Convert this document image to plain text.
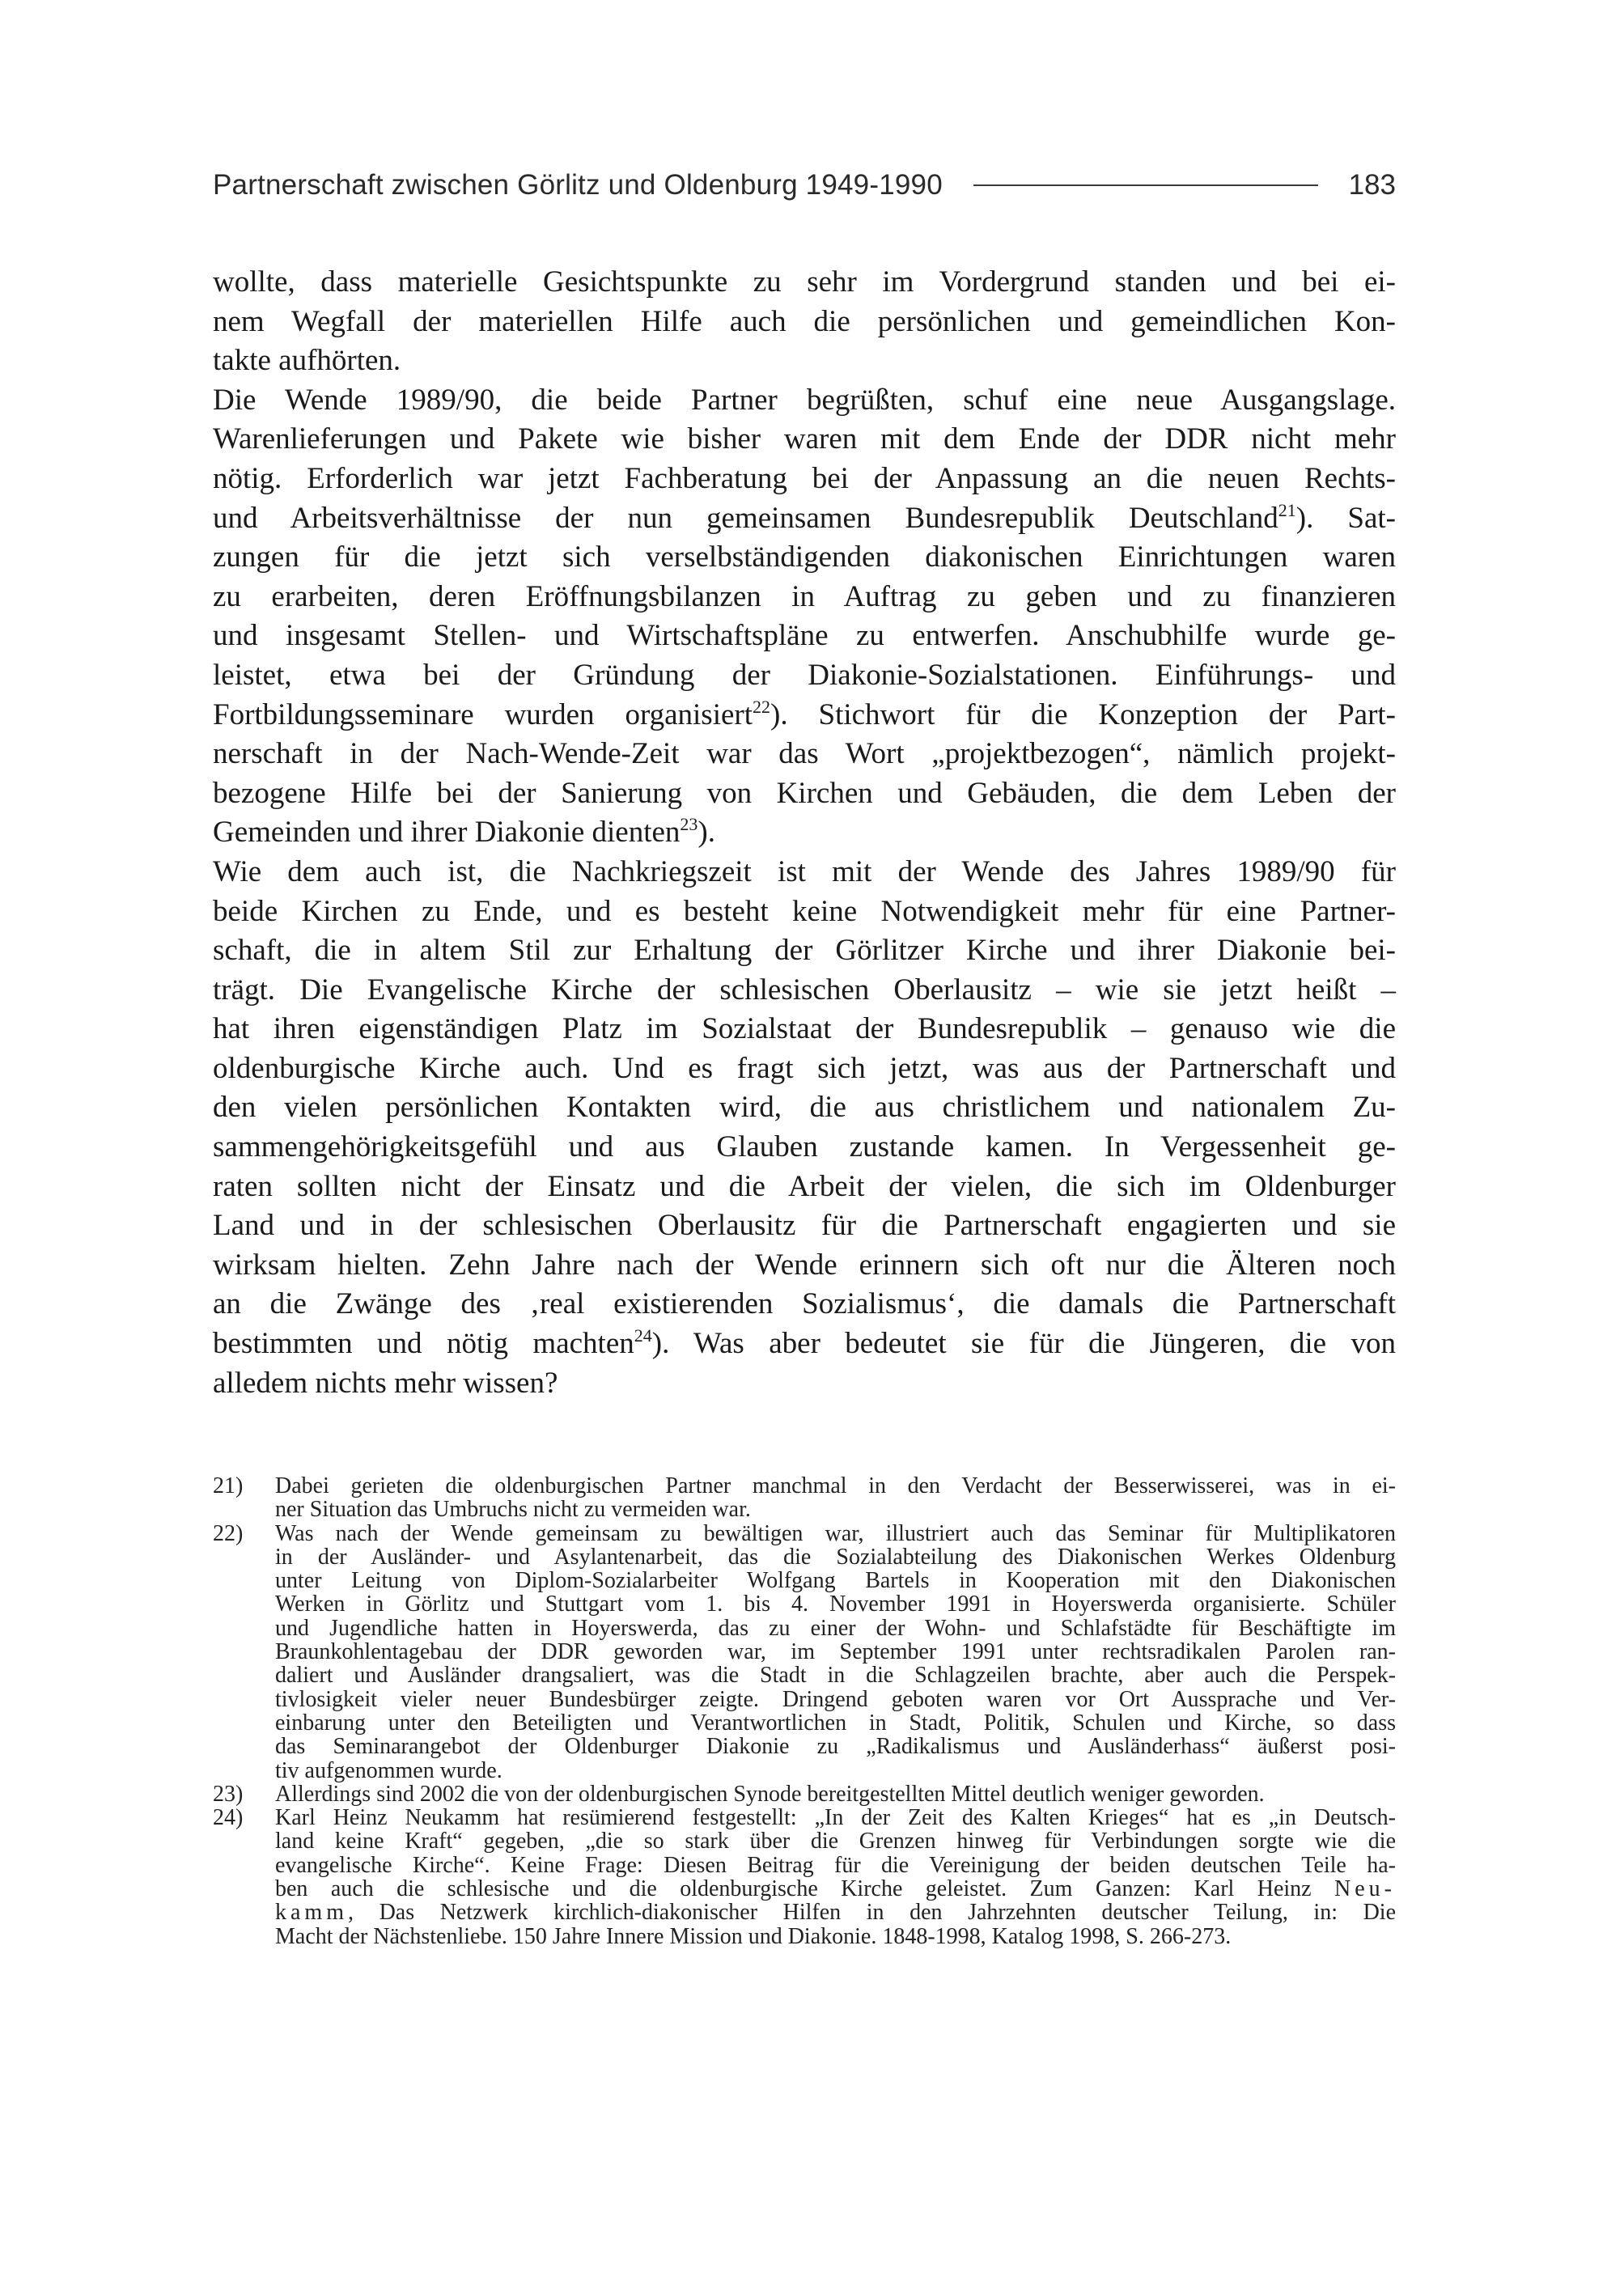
Partnerschaft zwischen Görlitz und Oldenburg 1949-1990	183
wollte, dass materielle Gesichtspunkte zu sehr im Vordergrund standen und bei ei-
nem Wegfall der materiellen Hilfe auch die persönlichen und gemeindlichen Kon-
takte aufhörten.
Die Wende 1989/90, die beide Partner begrüßten, schuf eine neue Ausgangslage.
Warenlieferungen und Pakete wie bisher waren mit dem Ende der DDR nicht mehr
nötig. Erforderlich war jetzt Fachberatung bei der Anpassung an die neuen Rechts-
und Arbeitsverhältnisse der nun gemeinsamen Bundesrepublik Deutschland$^{21}$). Sat-
zungen für die jetzt sich verselbständigenden diakonischen Einrichtungen waren
zu erarbeiten, deren Eröffnungsbilanzen in Auftrag zu geben und zu finanzieren
und insgesamt Stellen- und Wirtschaftspläne zu entwerfen. Anschubhilfe wurde ge-
leistet, etwa bei der Gründung der Diakonie-Sozialstationen. Einführungs- und
Fortbildungsseminare wurden organisiert$^{22}$). Stichwort für die Konzeption der Part-
nerschaft in der Nach-Wende-Zeit war das Wort „projektbezogen“, nämlich projekt-
bezogene Hilfe bei der Sanierung von Kirchen und Gebäuden, die dem Leben der
Gemeinden und ihrer Diakonie dienten$^{23}$).
Wie dem auch ist, die Nachkriegszeit ist mit der Wende des Jahres 1989/90 für
beide Kirchen zu Ende, und es besteht keine Notwendigkeit mehr für eine Partner-
schaft, die in altem Stil zur Erhaltung der Görlitzer Kirche und ihrer Diakonie bei-
trägt. Die Evangelische Kirche der schlesischen Oberlausitz – wie sie jetzt heißt –
hat ihren eigenständigen Platz im Sozialstaat der Bundesrepublik – genauso wie die
oldenburgische Kirche auch. Und es fragt sich jetzt, was aus der Partnerschaft und
den vielen persönlichen Kontakten wird, die aus christlichem und nationalem Zu-
sammengehörigkeitsgefühl und aus Glauben zustande kamen. In Vergessenheit ge-
raten sollten nicht der Einsatz und die Arbeit der vielen, die sich im Oldenburger
Land und in der schlesischen Oberlausitz für die Partnerschaft engagierten und sie
wirksam hielten. Zehn Jahre nach der Wende erinnern sich oft nur die Älteren noch
an die Zwänge des ‚real existierenden Sozialismus‘, die damals die Partnerschaft
bestimmten und nötig machten$^{24}$). Was aber bedeutet sie für die Jüngeren, die von
alledem nichts mehr wissen?
21)	Dabei gerieten die oldenburgischen Partner manchmal in den Verdacht der Besserwisserei, was in ei-
ner Situation das Umbruchs nicht zu vermeiden war.
22)	Was nach der Wende gemeinsam zu bewältigen war, illustriert auch das Seminar für Multiplikatoren
in der Ausländer- und Asylantenarbeit, das die Sozialabteilung des Diakonischen Werkes Oldenburg
unter Leitung von Diplom-Sozialarbeiter Wolfgang Bartels in Kooperation mit den Diakonischen
Werken in Görlitz und Stuttgart vom 1. bis 4. November 1991 in Hoyerswerda organisierte. Schüler
und Jugendliche hatten in Hoyerswerda, das zu einer der Wohn- und Schlafstädte für Beschäftigte im
Braunkohlentagebau der DDR geworden war, im September 1991 unter rechtsradikalen Parolen ran-
daliert und Ausländer drangsaliert, was die Stadt in die Schlagzeilen brachte, aber auch die Perspek-
tivlosigkeit vieler neuer Bundesbürger zeigte. Dringend geboten waren vor Ort Aussprache und Ver-
einbarung unter den Beteiligten und Verantwortlichen in Stadt, Politik, Schulen und Kirche, so dass
das Seminarangebot der Oldenburger Diakonie zu „Radikalismus und Ausländerhass“ äußerst posi-
tiv aufgenommen wurde.
23)	Allerdings sind 2002 die von der oldenburgischen Synode bereitgestellten Mittel deutlich weniger geworden.
24)	Karl Heinz Neukamm hat resümierend festgestellt: „In der Zeit des Kalten Krieges“ hat es „in Deutsch-
land keine Kraft“ gegeben, „die so stark über die Grenzen hinweg für Verbindungen sorgte wie die
evangelische Kirche“. Keine Frage: Diesen Beitrag für die Vereinigung der beiden deutschen Teile ha-
ben auch die schlesische und die oldenburgische Kirche geleistet. Zum Ganzen: Karl Heinz Neu-
kamm, Das Netzwerk kirchlich-diakonischer Hilfen in den Jahrzehnten deutscher Teilung, in: Die
Macht der Nächstenliebe. 150 Jahre Innere Mission und Diakonie. 1848-1998, Katalog 1998, S. 266-273.
